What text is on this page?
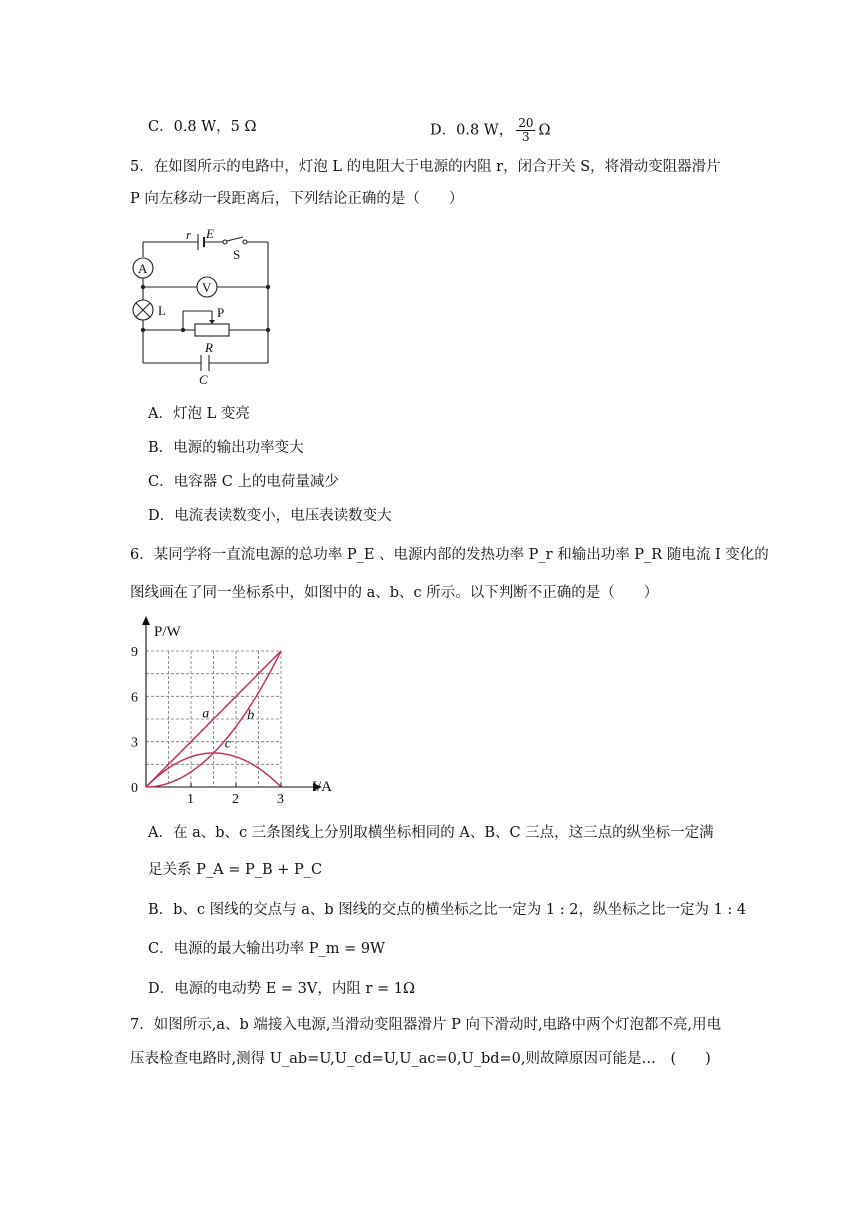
C．0.8 W，5 Ω	D．0.8 W， $\frac{20}{3}$ Ω
5．在如图所示的电路中，灯泡 L 的电阻大于电源的内阻 r，闭合开关 S，将滑动变阻器滑片
P 向左移动一段距离后，下列结论正确的是（　　）
r E
S
A
V
L	P
R
C
A．灯泡 L 变亮
B．电源的输出功率变大
C．电容器 C 上的电荷量减少
D．电流表读数变小，电压表读数变大
6．某同学将一直流电源的总功率 P_E 、电源内部的发热功率 P_r 和输出功率 P_R 随电流 I 变化的
图线画在了同一坐标系中，如图中的 a、b、c 所示。以下判断不正确的是（　　）
a	b
c
1	2	3
0
3
6
9
P/W
I/A
A．在 a、b、c 三条图线上分别取横坐标相同的 A、B、C 三点，这三点的纵坐标一定满
足关系 P_A = P_B + P_C
B．b、c 图线的交点与 a、b 图线的交点的横坐标之比一定为 1 : 2，纵坐标之比一定为 1 : 4
C．电源的最大输出功率 P_m = 9W
D．电源的电动势 E = 3V，内阻 r = 1Ω
7．如图所示,a、b 端接入电源,当滑动变阻器滑片 P 向下滑动时,电路中两个灯泡都不亮,用电
压表检查电路时,测得 U_ab=U,U_cd=U,U_ac=0,U_bd=0,则故障原因可能是…　(　　)
